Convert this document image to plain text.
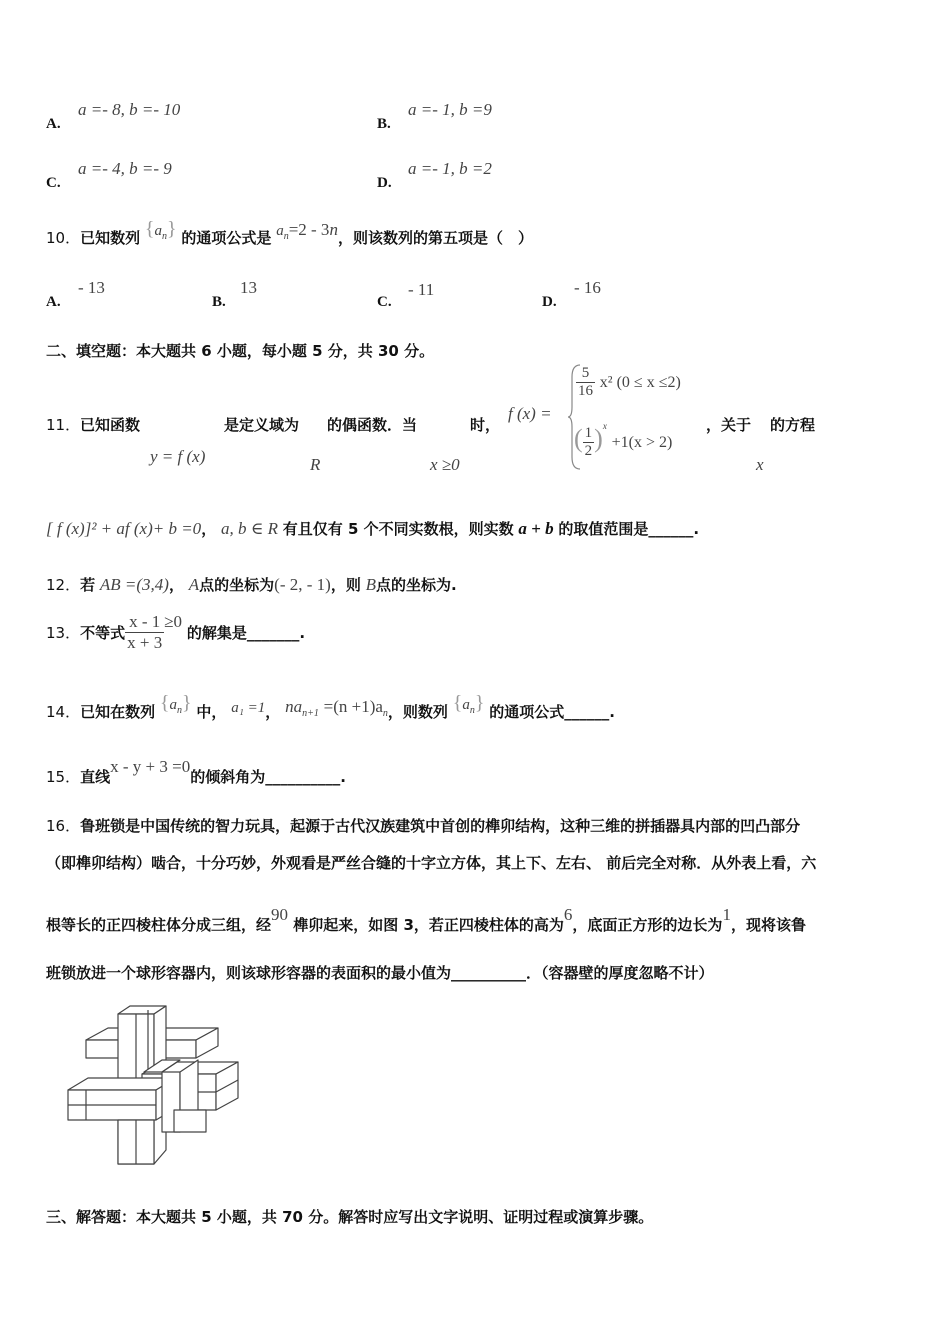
A.
a =- 8, b =- 10
B.
a =- 1, b =9
C.
a =- 4, b =- 9
D.
a =- 1, b =2
10．已知数列 $\{a_n\}$ 的通项公式是 $a_n=2 - 3n$，则该数列的第五项是（　）
A.
- 13
B.
13
C.
- 11
D.
- 16
二、填空题：本大题共 6 小题，每小题 5 分，共 30 分。
11． 已知函数
y = f (x)
是定义域为
R
的偶函数．当
x ≥0
时，
f (x) =
$\frac{5}{16} x^2$ (0 ≤ x ≤2)
( $\frac{1}{2} )^x +1(x > 2)$
，关于
x
的方程
[ f (x)]² + af (x)+ b =0， a, b ∈ R 有且仅有 5 个不同实数根，则实数 a + b 的取值范围是______.
12．若 AB =(3,4)， A点的坐标为(- 2, - 1)，则 B点的坐标为.
13．不等式 $\frac{x - 1}{x + 3} \ge 0$ 的解集是_______.
14．已知在数列 $\{a_n\}$ 中， a₁ =1， $na_{n+1} =(n +1)a_n$，则数列 $\{a_n\}$ 的通项公式______.
15．直线x - y + 3 =0的倾斜角为__________.
16．鲁班锁是中国传统的智力玩具，起源于古代汉族建筑中首创的榫卯结构，这种三维的拼插器具内部的凹凸部分
（即榫卯结构）啮合，十分巧妙，外观看是严丝合缝的十字立方体，其上下、左右、 前后完全对称．从外表上看，六
根等长的正四棱柱体分成三组，经90 榫卯起来，如图 3，若正四棱柱体的高为6，底面正方形的边长为1，现将该鲁
班锁放进一个球形容器内，则该球形容器的表面积的最小值为__________．（容器壁的厚度忽略不计）
三、解答题：本大题共 5 小题，共 70 分。解答时应写出文字说明、证明过程或演算步骤。
